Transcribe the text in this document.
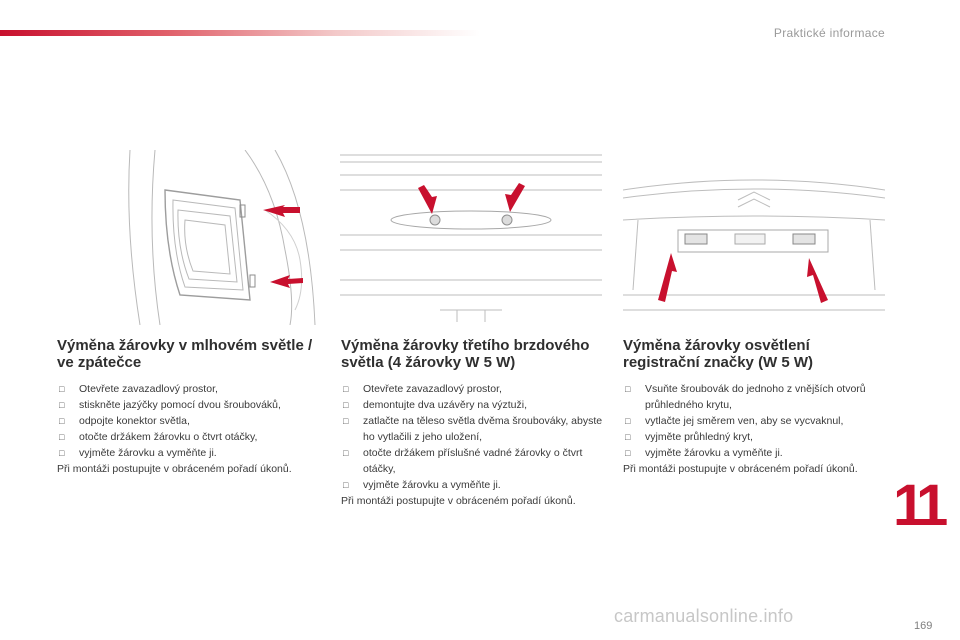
Praktické informace
Výměna žárovky v mlhovém světle / ve zpátečce
□ Otevřete zavazadlový prostor,
□ stiskněte jazýčky pomocí dvou šroubováků,
□ odpojte konektor světla,
□ otočte držákem žárovku o čtvrt otáčky,
□ vyjměte žárovku a vyměňte ji.

Při montáži postupujte v obráceném pořadí úkonů.

Výměna žárovky třetího brzdového světla (4 žárovky W 5 W)
□ Otevřete zavazadlový prostor,
□ demontujte dva uzávěry na výztuži,
□ zatlačte na těleso světla dvěma šroubováky, abyste ho vytlačili z jeho uložení,
□ otočte držákem příslušné vadné žárovky o čtvrt otáčky,
□ vyjměte žárovku a vyměňte ji.

Při montáži postupujte v obráceném pořadí úkonů.

Výměna žárovky osvětlení registrační značky (W 5 W)
□ Vsuňte šroubovák do jednoho z vnějších otvorů průhledného krytu,
□ vytlačte jej směrem ven, aby se vycvaknul,
□ vyjměte průhledný kryt,
□ vyjměte žárovku a vyměňte ji.

Při montáži postupujte v obráceném pořadí úkonů.

11
carmanualsonline.info	169
